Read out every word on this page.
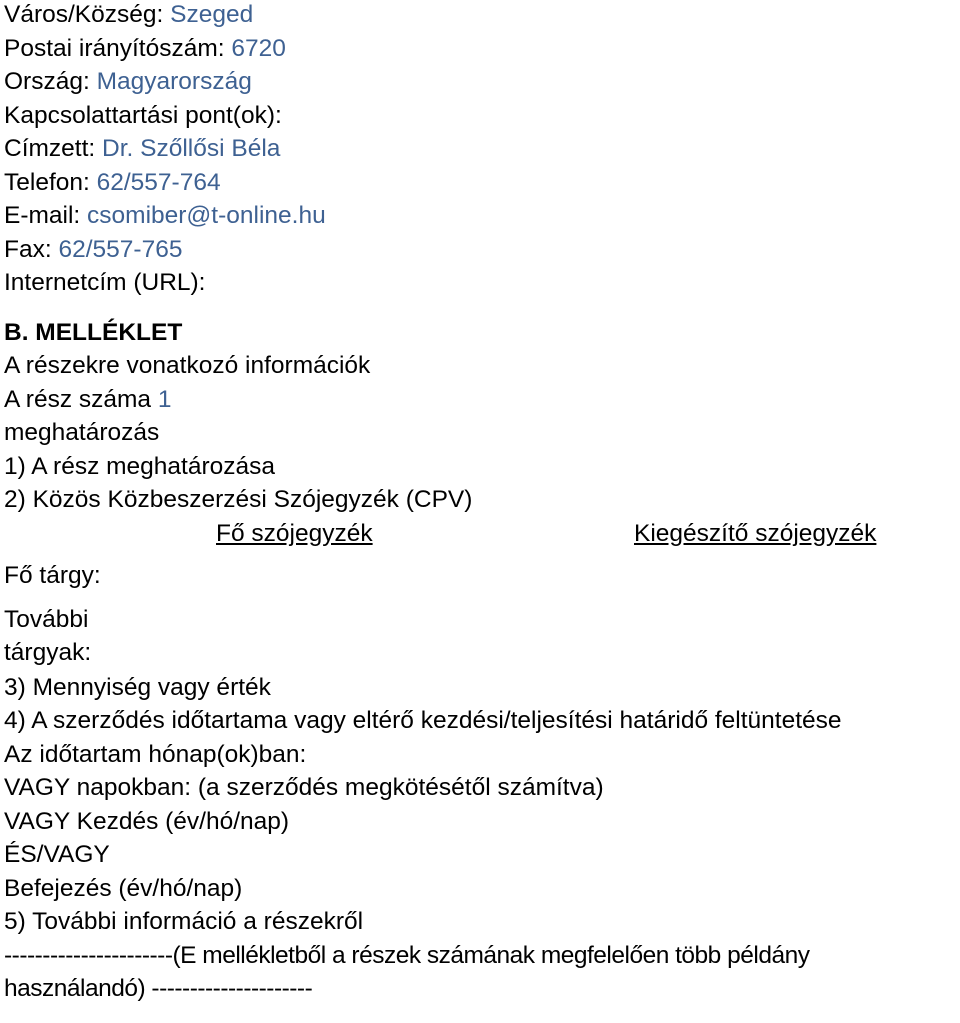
Város/Község: Szeged
Postai irányítószám: 6720
Ország: Magyarország
Kapcsolattartási pont(ok):
Címzett: Dr. Szőllősi Béla
Telefon: 62/557-764
E-mail: csomiber@t-online.hu
Fax: 62/557-765
Internetcím (URL):
B. MELLÉKLET
A részekre vonatkozó információk
A rész száma 1
meghatározás
1) A rész meghatározása
2) Közös Közbeszerzési Szójegyzék (CPV)
Fő szójegyzék	Kiegészítő szójegyzék
Fő tárgy:
További
tárgyak:
3) Mennyiség vagy érték
4) A szerződés időtartama vagy eltérő kezdési/teljesítési határidő feltüntetése
Az időtartam hónap(ok)ban:
VAGY napokban: (a szerződés megkötésétől számítva)
VAGY Kezdés (év/hó/nap)
ÉS/VAGY
Befejezés (év/hó/nap)
5) További információ a részekről
----------------------(E mellékletből a részek számának megfelelően több példány
használandó) ---------------------
